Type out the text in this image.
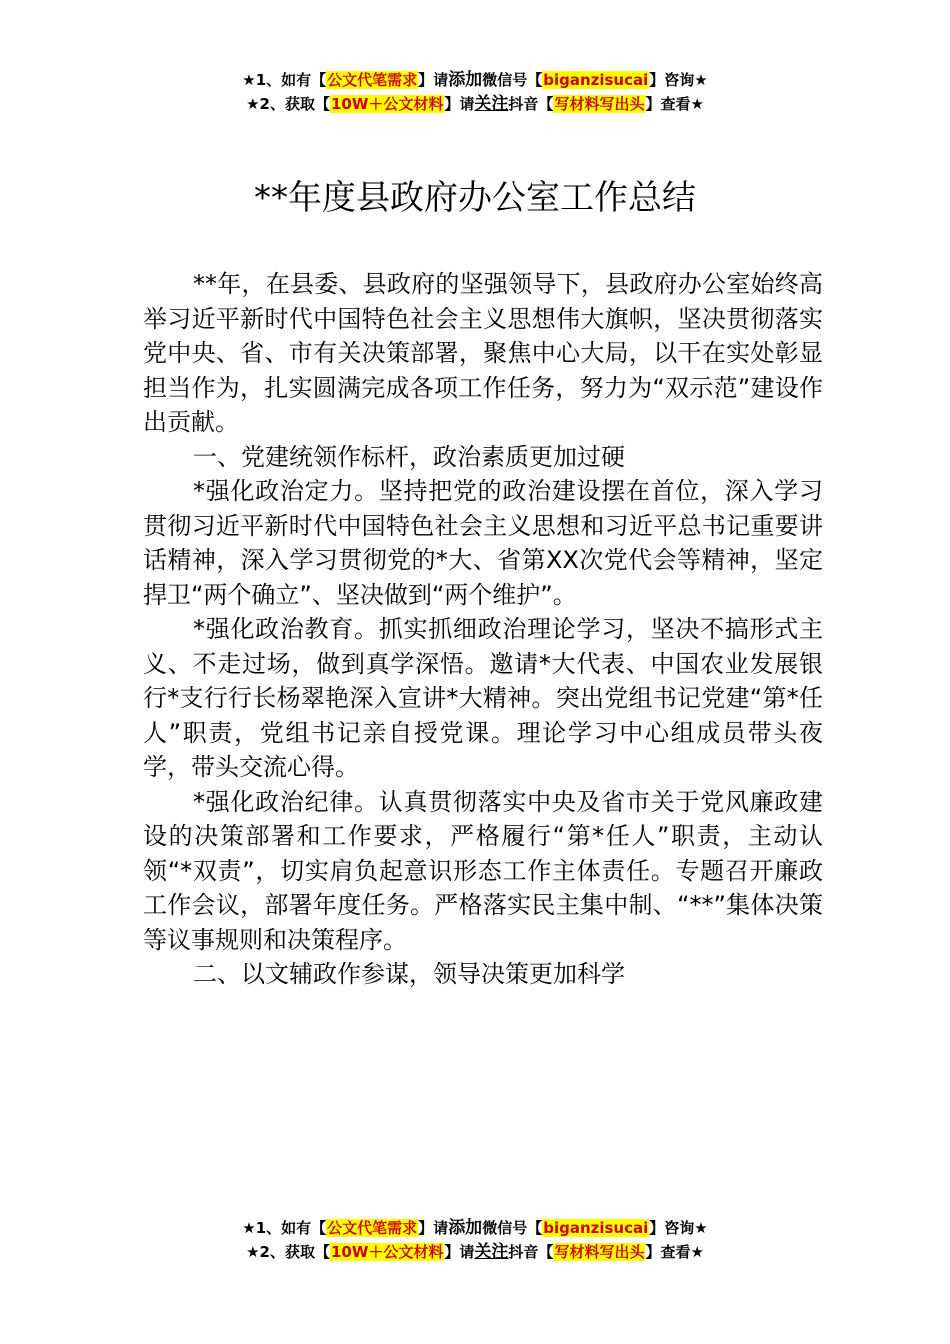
★1、如有【公文代笔需求】请添加微信号【biganzisucai】咨询★
★2、获取【10W＋公文材料】请关注抖音【写材料写出头】查看★
**年度县政府办公室工作总结

**年，在县委、县政府的坚强领导下，县政府办公室始终高举习近平新时代中国特色社会主义思想伟大旗帜，坚决贯彻落实党中央、省、市有关决策部署，聚焦中心大局，以干在实处彰显担当作为，扎实圆满完成各项工作任务，努力为“双示范”建设作出贡献。

一、党建统领作标杆，政治素质更加过硬

*强化政治定力。坚持把党的政治建设摆在首位，深入学习贯彻习近平新时代中国特色社会主义思想和习近平总书记重要讲话精神，深入学习贯彻党的*大、省第XX次党代会等精神，坚定捍卫“两个确立”、坚决做到“两个维护”。

*强化政治教育。抓实抓细政治理论学习，坚决不搞形式主义、不走过场，做到真学深悟。邀请*大代表、中国农业发展银行*支行行长杨翠艳深入宣讲*大精神。突出党组书记党建“第*任人”职责，党组书记亲自授党课。理论学习中心组成员带头夜学，带头交流心得。

*强化政治纪律。认真贯彻落实中央及省市关于党风廉政建设的决策部署和工作要求，严格履行“第*任人”职责，主动认领“*双责”，切实肩负起意识形态工作主体责任。专题召开廉政工作会议，部署年度任务。严格落实民主集中制、“**”集体决策等议事规则和决策程序。

二、以文辅政作参谋，领导决策更加科学

★1、如有【公文代笔需求】请添加微信号【biganzisucai】咨询★
★2、获取【10W＋公文材料】请关注抖音【写材料写出头】查看★
